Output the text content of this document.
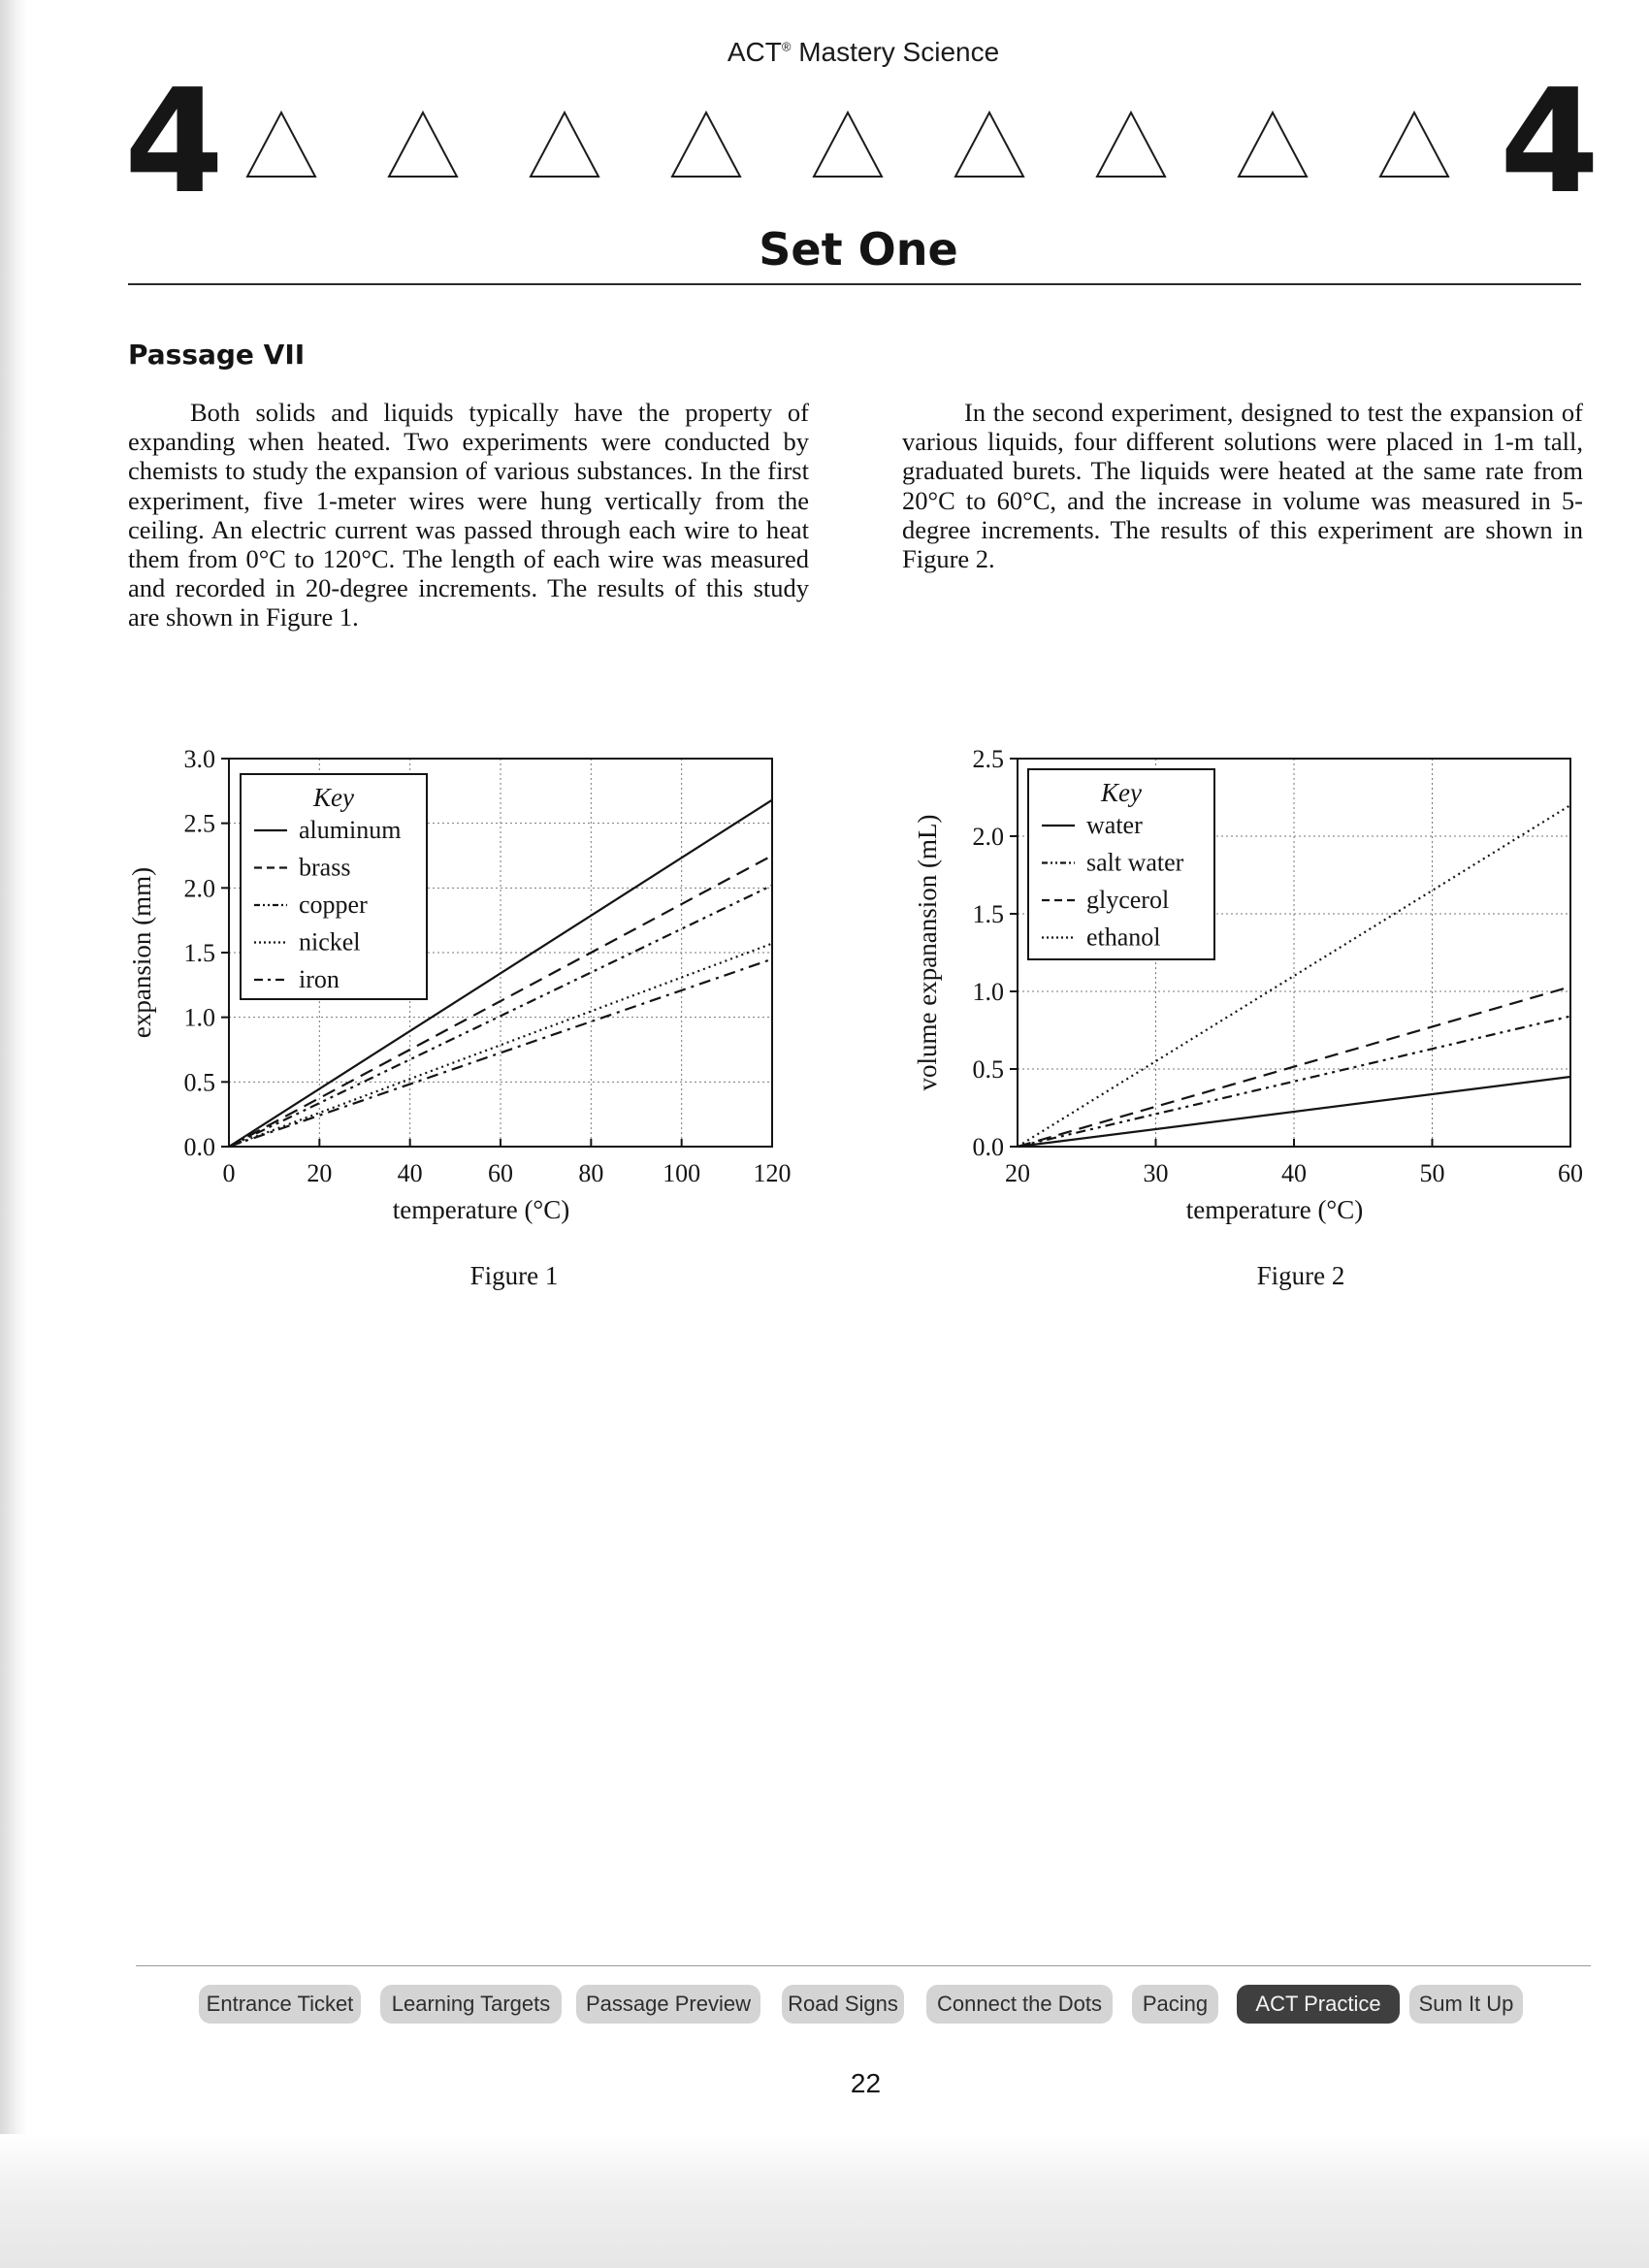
ACT® Mastery Science
4	4
Set One
Passage VII
Both solids and liquids typically have the property of expanding when heated. Two experiments were conducted by chemists to study the expansion of various substances. In the first experiment, five 1-meter wires were hung vertically from the ceiling. An electric current was passed through each wire to heat them from 0°C to 120°C. The length of each wire was measured and recorded in 20-degree increments. The results of this study are shown in Figure 1.
In the second experiment, designed to test the expansion of various liquids, four different solutions were placed in 1-m tall, graduated burets. The liquids were heated at the same rate from 20°C to 60°C, and the increase in volume was measured in 5-degree increments. The results of this experiment are shown in Figure 2.
0	20	40	60	80 100 120
0.0
0.5
1.0
1.5
2.0
2.5
3.0
temperature (°C)
expansion (mm)
Key
aluminum
brass
copper
nickel
iron
Figure 1
20	30	40	50	60
0.0
0.5
1.0
1.5
2.0
2.5
temperature (°C)
volume expanansion (mL)
Key
water
salt water
glycerol
ethanol
Figure 2
Entrance Ticket	Learning Targets	Passage Preview	Road Signs	Connect the Dots	Pacing	ACT Practice	Sum It Up
22
